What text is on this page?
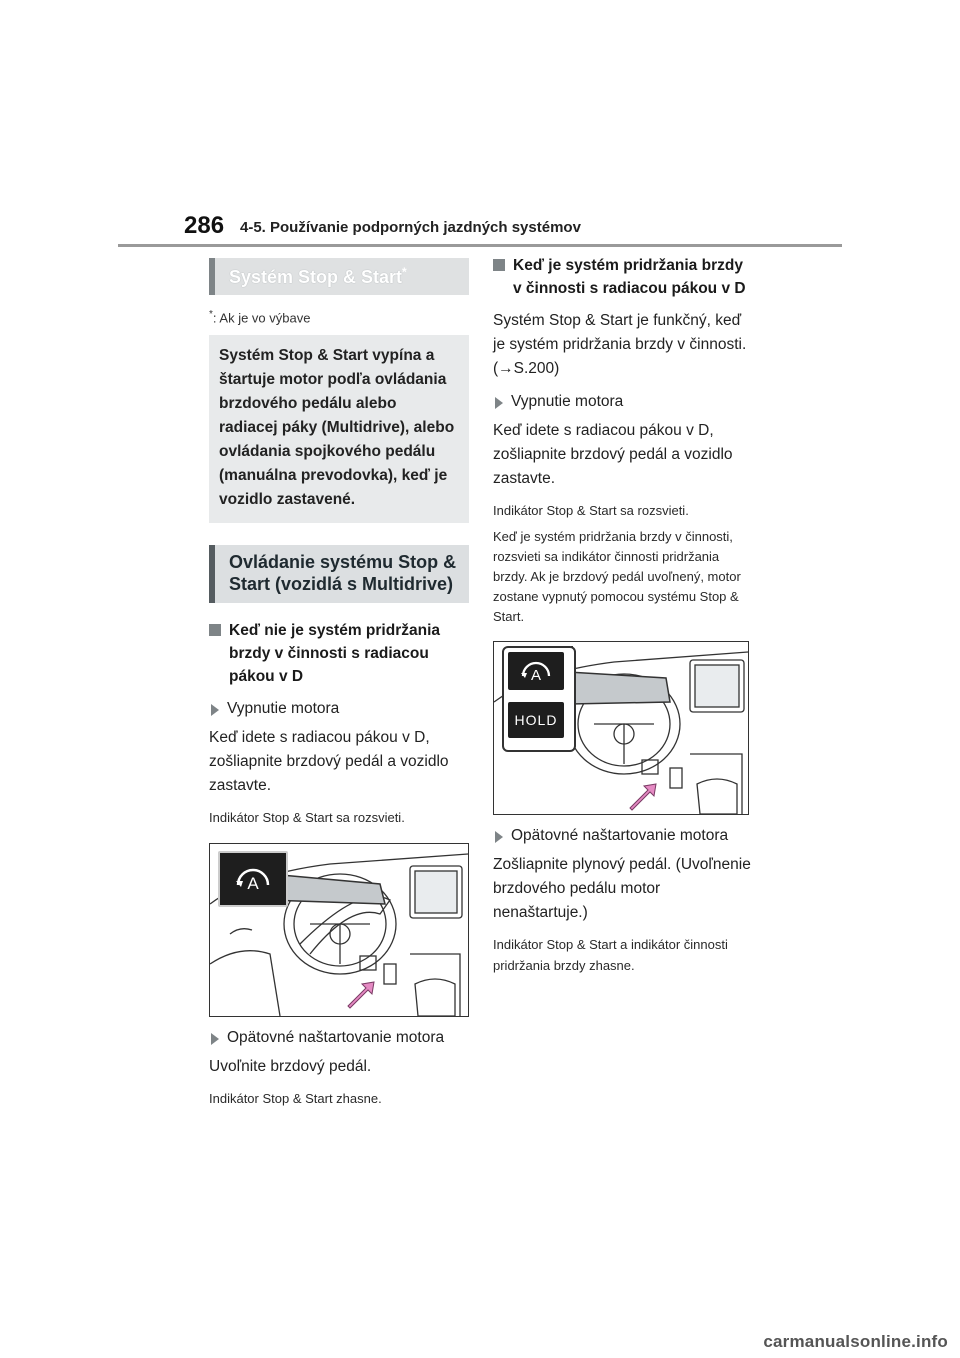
286 4-5. Používanie podporných jazdných systémov
Systém Stop & Start*
*: Ak je vo výbave
Systém Stop & Start vypína a štartuje motor podľa ovládania brzdového pedálu alebo radiacej páky (Multidrive), alebo ovládania spojkového pedálu (manuálna prevodovka), keď je vozidlo zastavené.
Ovládanie systému Stop & Start (vozidlá s Multidrive)
Keď nie je systém pridržania brzdy v činnosti s radiacou pákou v D
Vypnutie motora
Keď idete s radiacou pákou v D, zošliapnite brzdový pedál a vozidlo zastavte.
Indikátor Stop & Start sa rozsvieti.
A
Opätovné naštartovanie motora
Uvoľnite brzdový pedál.
Indikátor Stop & Start zhasne.
Keď je systém pridržania brzdy v činnosti s radiacou pákou v D
Systém Stop & Start je funkčný, keď je systém pridržania brzdy v činnosti. (→S.200)
Vypnutie motora
Keď idete s radiacou pákou v D, zošliapnite brzdový pedál a vozidlo zastavte.
Indikátor Stop & Start sa rozsvieti.
Keď je systém pridržania brzdy v činnosti, rozsvieti sa indikátor činnosti pridržania brzdy. Ak je brzdový pedál uvoľnený, motor zostane vypnutý pomocou systému Stop & Start.
A
HOLD
Opätovné naštartovanie motora
Zošliapnite plynový pedál. (Uvoľnenie brzdového pedálu motor nenaštartuje.)
Indikátor Stop & Start a indikátor činnosti pridržania brzdy zhasne.
carmanualsonline.info
